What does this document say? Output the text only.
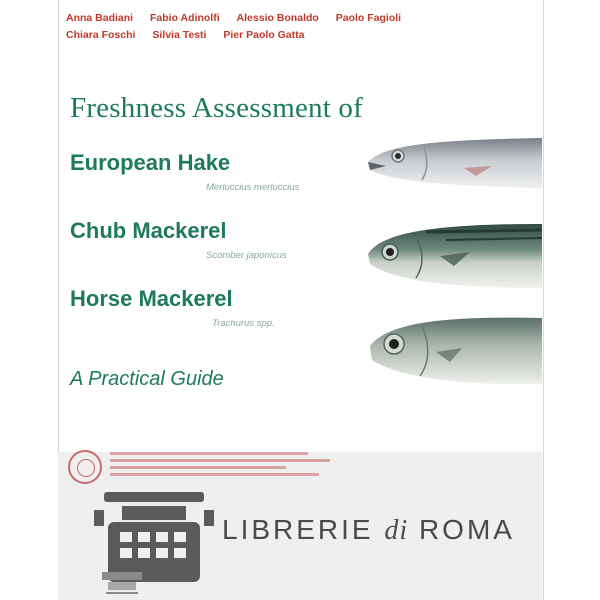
Anna Badiani Fabio Adinolfi Alessio Bonaldo Paolo Fagioli
Chiara Foschi Silvia Testi Pier Paolo Gatta
Freshness Assessment of
European Hake
Merluccius merluccius
Chub Mackerel
Scomber japonicus
Horse Mackerel
Trachurus spp.
A Practical Guide
LIBRERIE di ROMA
